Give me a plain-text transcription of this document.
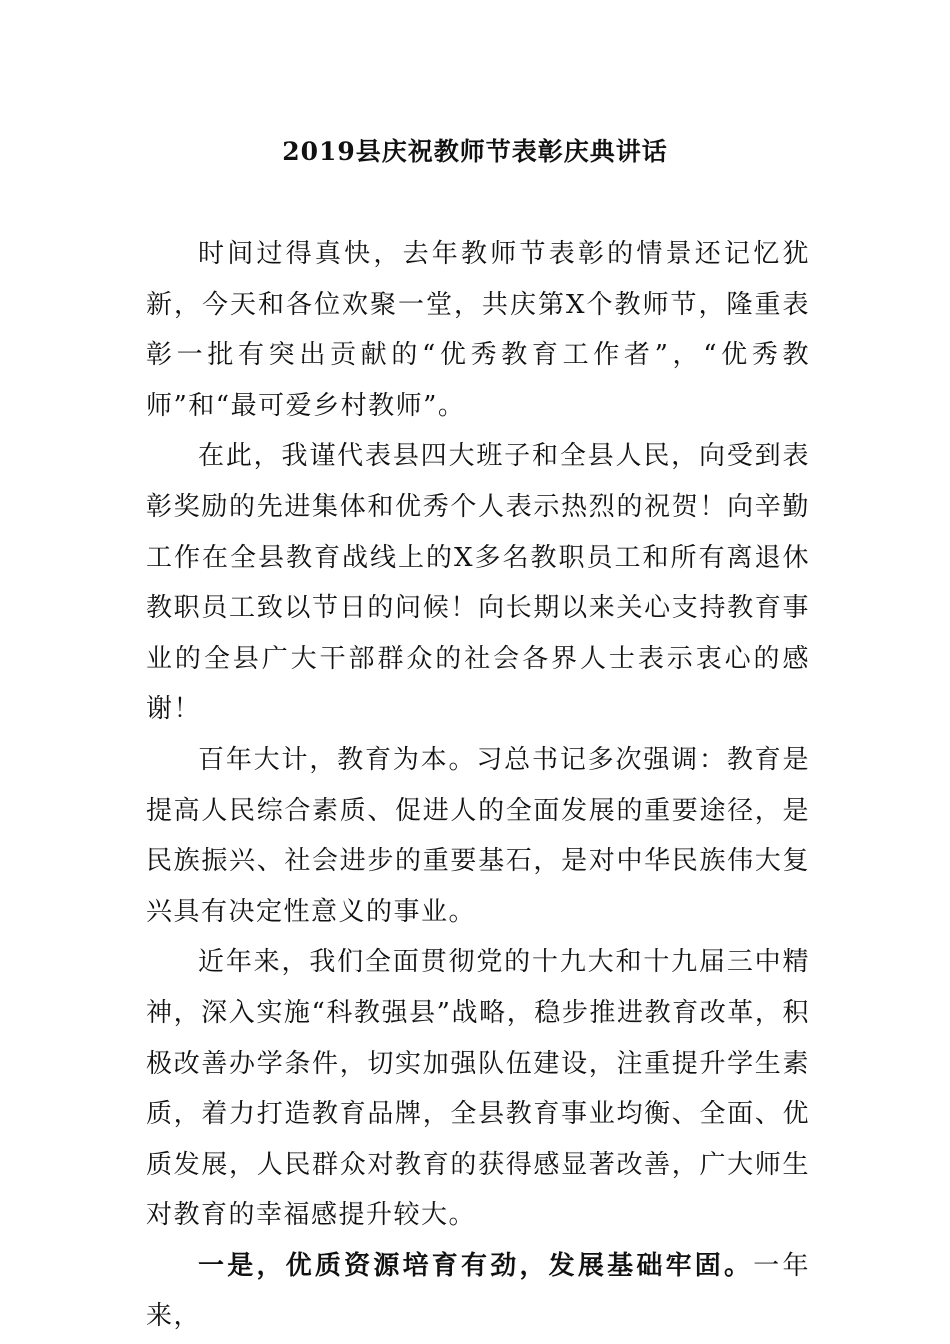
2019县庆祝教师节表彰庆典讲话

时间过得真快，去年教师节表彰的情景还记忆犹新，今天和各位欢聚一堂，共庆第X个教师节，隆重表彰一批有突出贡献的“优秀教育工作者”，“优秀教师”和“最可爱乡村教师”。

在此，我谨代表县四大班子和全县人民，向受到表彰奖励的先进集体和优秀个人表示热烈的祝贺！向辛勤工作在全县教育战线上的X多名教职员工和所有离退休教职员工致以节日的问候！向长期以来关心支持教育事业的全县广大干部群众的社会各界人士表示衷心的感谢！

百年大计，教育为本。习总书记多次强调：教育是提高人民综合素质、促进人的全面发展的重要途径，是民族振兴、社会进步的重要基石，是对中华民族伟大复兴具有决定性意义的事业。

近年来，我们全面贯彻党的十九大和十九届三中精神，深入实施“科教强县”战略，稳步推进教育改革，积极改善办学条件，切实加强队伍建设，注重提升学生素质，着力打造教育品牌，全县教育事业均衡、全面、优质发展，人民群众对教育的获得感显著改善，广大师生对教育的幸福感提升较大。

一是，优质资源培育有劲，发展基础牢固。一年来，
